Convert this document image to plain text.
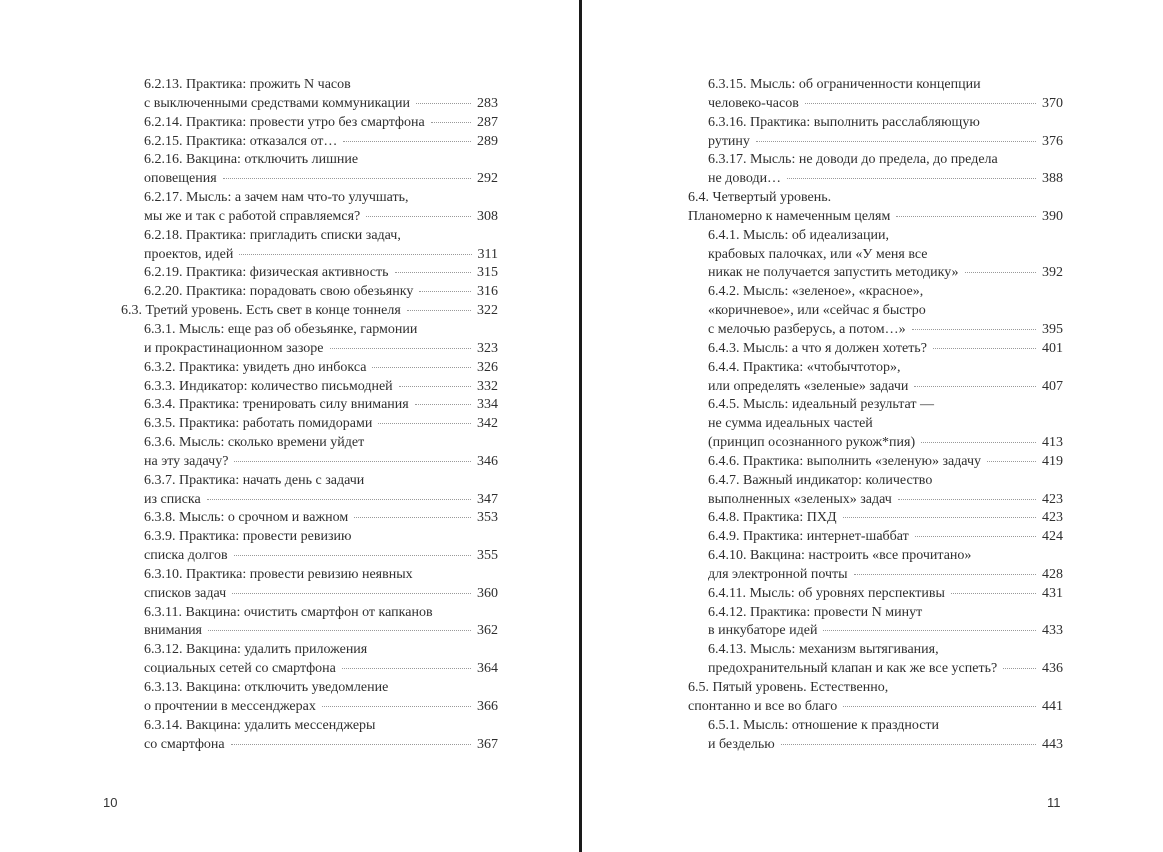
6.2.13. Практика: прожить N часов
с выключенными средствами коммуникации	283
6.2.14. Практика: провести утро без смартфона	287
6.2.15. Практика: отказался от…	289
6.2.16. Вакцина: отключить лишние
оповещения	292
6.2.17. Мысль: а зачем нам что-то улучшать,
мы же и так с работой справляемся?	308
6.2.18. Практика: пригладить списки задач,
проектов, идей	311
6.2.19. Практика: физическая активность	315
6.2.20. Практика: порадовать свою обезьянку	316
6.3. Третий уровень. Есть свет в конце тоннеля	322
6.3.1. Мысль: еще раз об обезьянке, гармонии
и прокрастинационном зазоре	323
6.3.2. Практика: увидеть дно инбокса	326
6.3.3. Индикатор: количество письмодней	332
6.3.4. Практика: тренировать силу внимания	334
6.3.5. Практика: работать помидорами	342
6.3.6. Мысль: сколько времени уйдет
на эту задачу?	346
6.3.7. Практика: начать день с задачи
из списка	347
6.3.8. Мысль: о срочном и важном	353
6.3.9. Практика: провести ревизию
списка долгов	355
6.3.10. Практика: провести ревизию неявных
списков задач	360
6.3.11. Вакцина: очистить смартфон от капканов
внимания	362
6.3.12. Вакцина: удалить приложения
социальных сетей со смартфона	364
6.3.13. Вакцина: отключить уведомление
о прочтении в мессенджерах	366
6.3.14. Вакцина: удалить мессенджеры
со смартфона	367
6.3.15. Мысль: об ограниченности концепции
человеко-часов	370
6.3.16. Практика: выполнить расслабляющую
рутину	376
6.3.17. Мысль: не доводи до предела, до предела
не доводи…	388
6.4. Четвертый уровень.
Планомерно к намеченным целям	390
6.4.1. Мысль: об идеализации,
крабовых палочках, или «У меня все
никак не получается запустить методику»	392
6.4.2. Мысль: «зеленое», «красное»,
«коричневое», или «сейчас я быстро
с мелочью разберусь, а потом…»	395
6.4.3. Мысль: а что я должен хотеть?	401
6.4.4. Практика: «чтобычтотор»,
или определять «зеленые» задачи	407
6.4.5. Мысль: идеальный результат —
не сумма идеальных частей
(принцип осознанного рукож*пия)	413
6.4.6. Практика: выполнить «зеленую» задачу	419
6.4.7. Важный индикатор: количество
выполненных «зеленых» задач	423
6.4.8. Практика: ПХД	423
6.4.9. Практика: интернет-шаббат	424
6.4.10. Вакцина: настроить «все прочитано»
для электронной почты	428
6.4.11. Мысль: об уровнях перспективы	431
6.4.12. Практика: провести N минут
в инкубаторе идей	433
6.4.13. Мысль: механизм вытягивания,
предохранительный клапан и как же все успеть?	436
6.5. Пятый уровень. Естественно,
спонтанно и все во благо	441
6.5.1. Мысль: отношение к праздности
и безделью	443
10	11
